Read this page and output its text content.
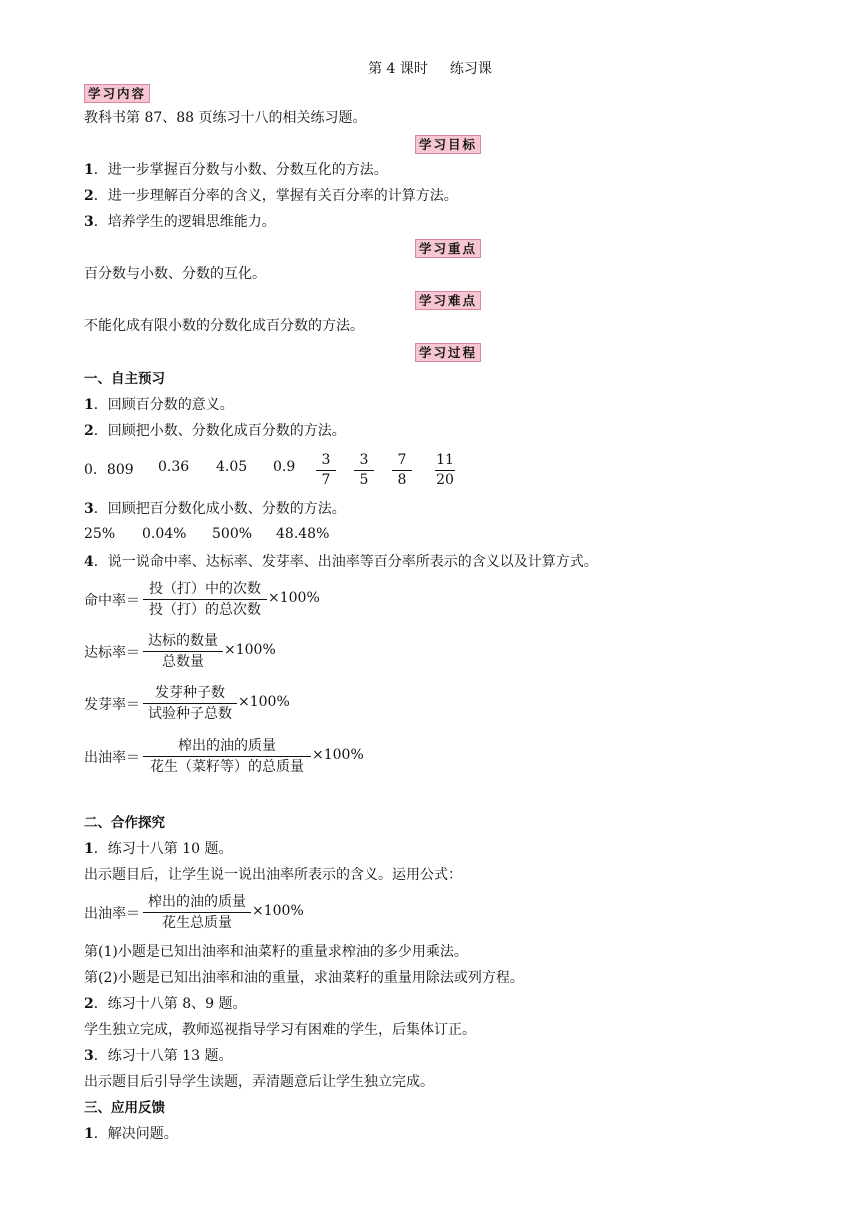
第 4 课时 练习课
学习内容
教科书第 87、88 页练习十八的相关练习题。
学习目标
1．进一步掌握百分数与小数、分数互化的方法。
2．进一步理解百分率的含义，掌握有关百分率的计算方法。
3．培养学生的逻辑思维能力。
学习重点
百分数与小数、分数的互化。
学习难点
不能化成有限小数的分数化成百分数的方法。
学习过程
一、自主预习
1．回顾百分数的意义。
2．回顾把小数、分数化成百分数的方法。
0．809 0.36 4.05 0.9	3
7
3
5
7
8
11
20
3．回顾把百分数化成小数、分数的方法。
25% 0.04% 500% 48.48%
4．说一说命中率、达标率、发芽率、出油率等百分率所表示的含义以及计算方式。
命中率＝
投（打）中的次数
投（打）的总次数
×100%
达标率＝
达标的数量
总数量
×100%
发芽率＝
发芽种子数
试验种子总数
×100%
出油率＝
榨出的油的质量
花生（菜籽等）的总质量
×100%
二、合作探究
1．练习十八第 10 题。
出示题目后，让学生说一说出油率所表示的含义。运用公式：
出油率＝
榨出的油的质量
花生总质量
×100%
第(1)小题是已知出油率和油菜籽的重量求榨油的多少用乘法。
第(2)小题是已知出油率和油的重量，求油菜籽的重量用除法或列方程。
2．练习十八第 8、9 题。
学生独立完成，教师巡视指导学习有困难的学生，后集体订正。
3．练习十八第 13 题。
出示题目后引导学生读题，弄清题意后让学生独立完成。
三、应用反馈
1．解决问题。
